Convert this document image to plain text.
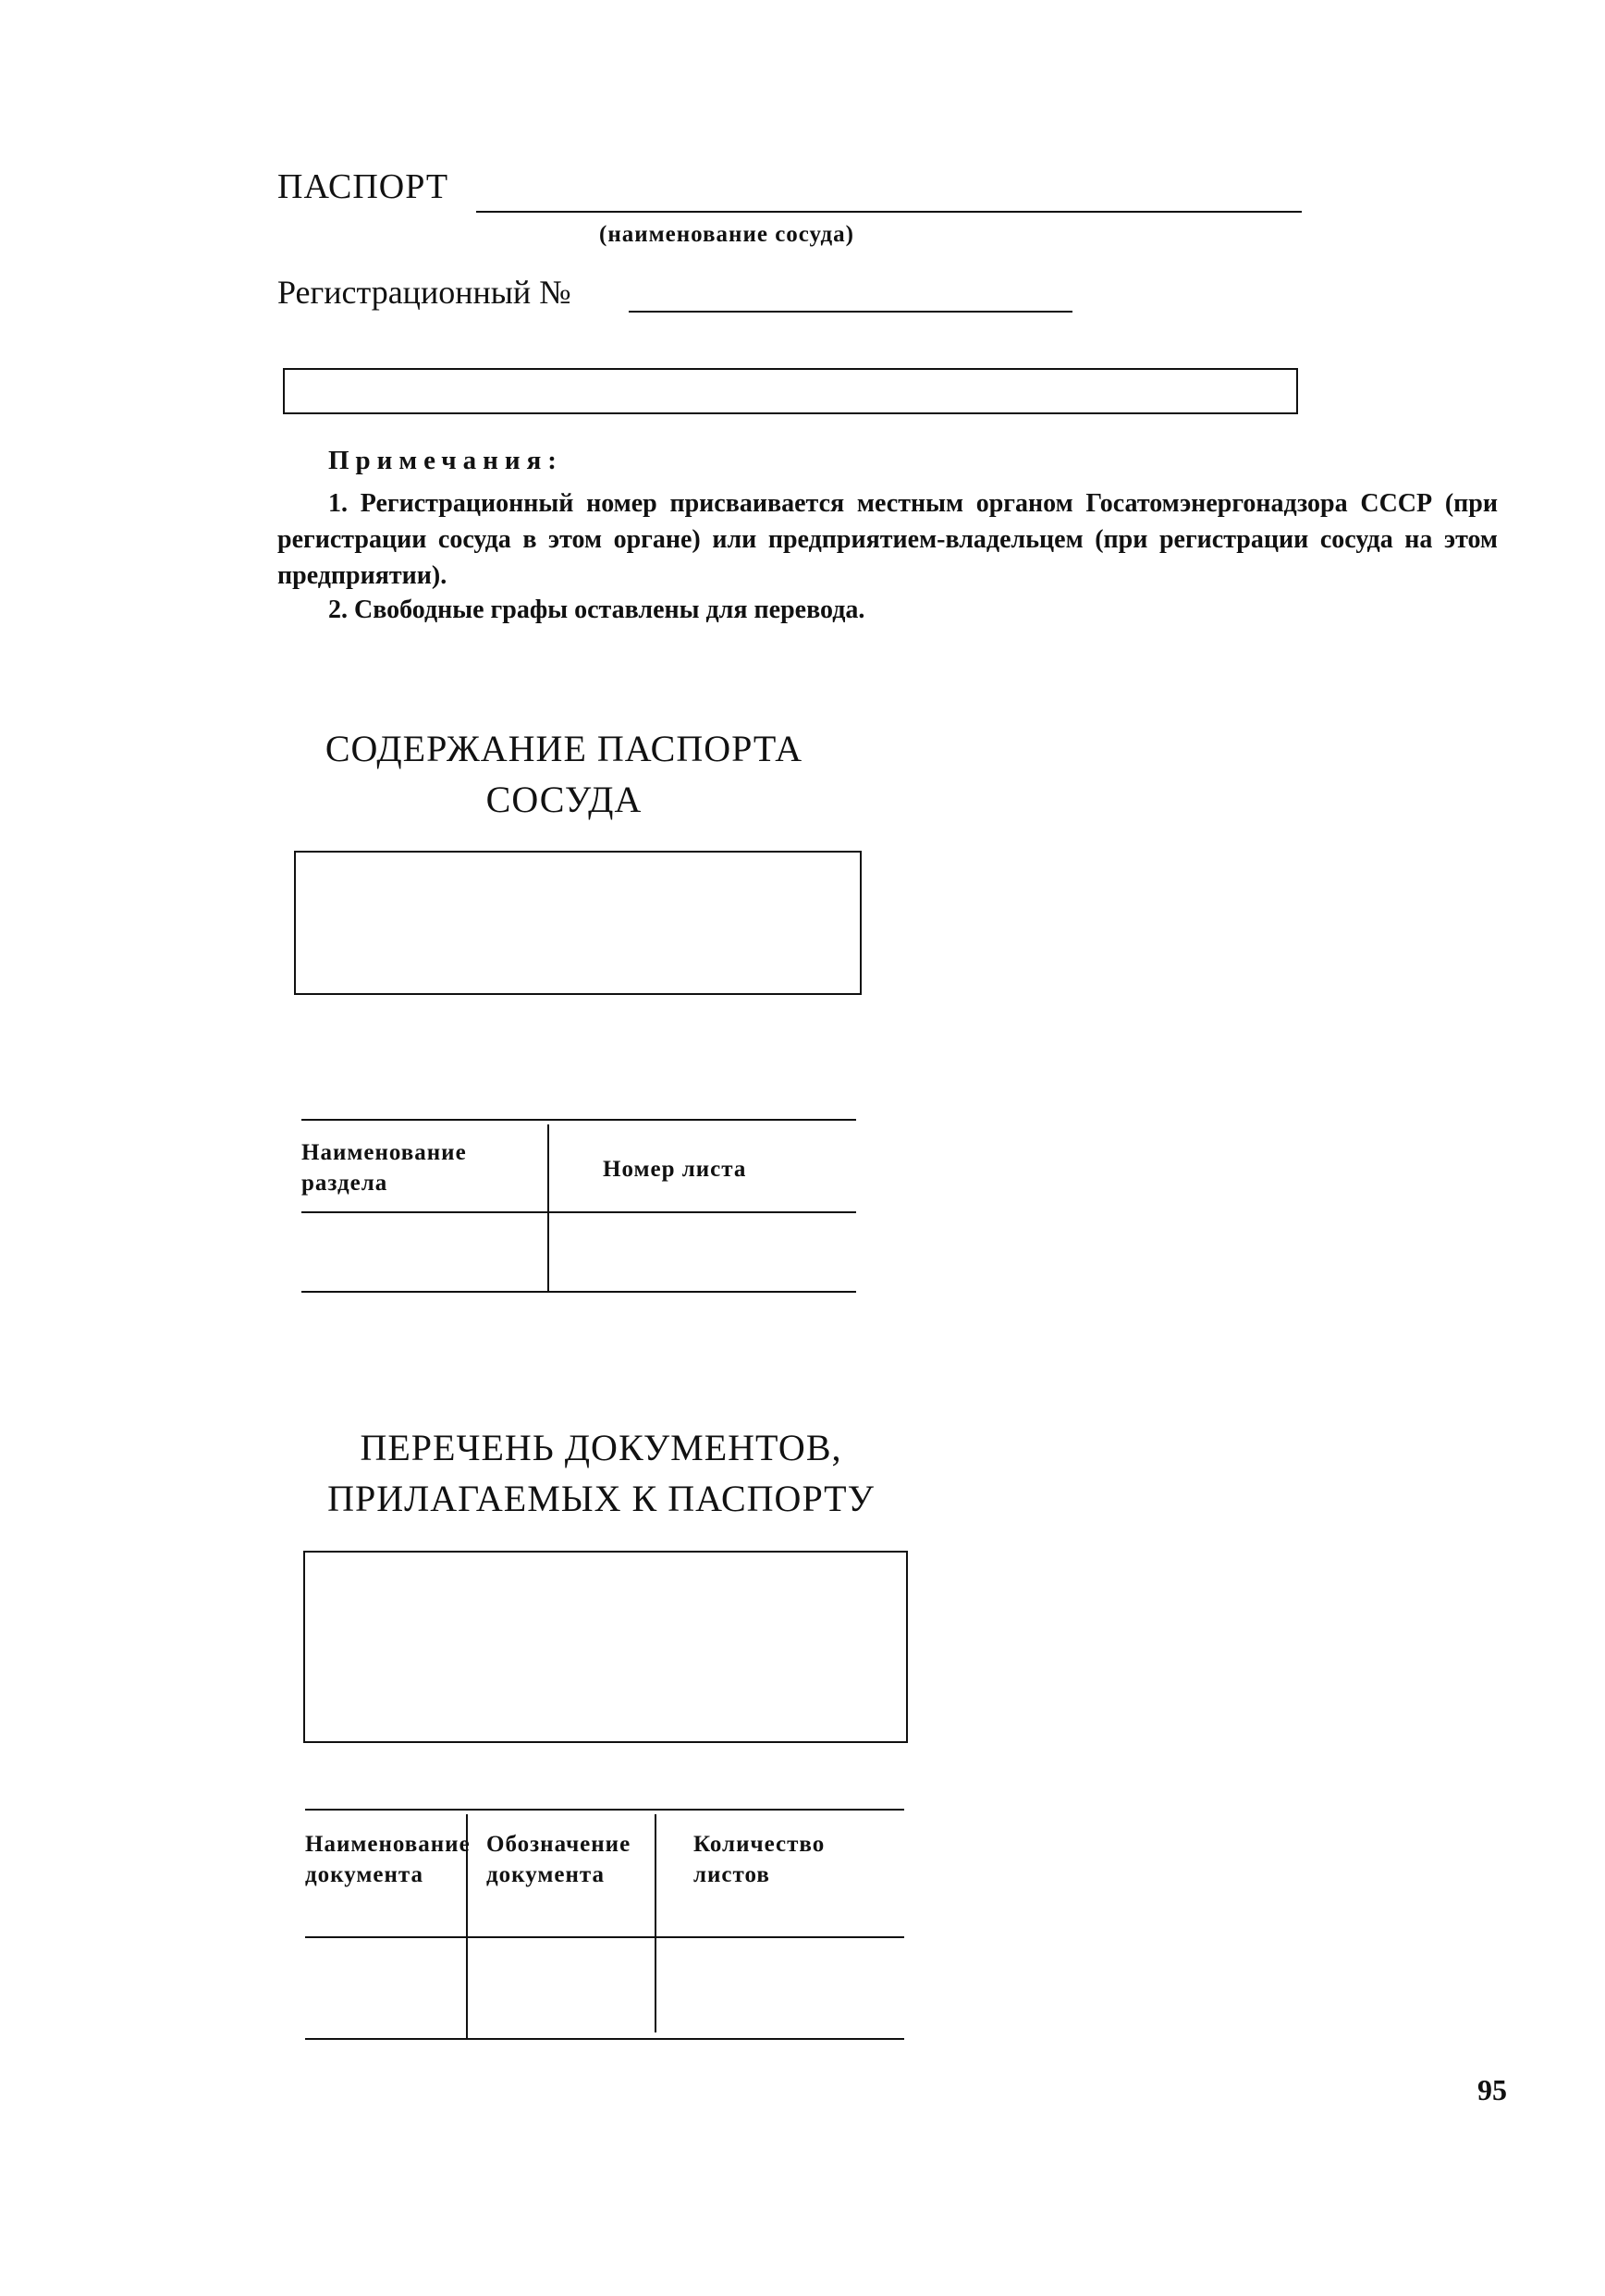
ПАСПОРТ
(наименование сосуда)
Регистрационный №
Примечания:
1. Регистрационный номер присваивается местным органом Госатомэнергонадзора СССР (при регистрации сосуда в этом органе) или предприятием-владельцем (при регистрации сосуда на этом предприятии).
2. Свободные графы оставлены для перевода.
СОДЕРЖАНИЕ ПАСПОРТА
СОСУДА
Наименование раздела
Номер листа
ПЕРЕЧЕНЬ ДОКУМЕНТОВ,
ПРИЛАГАЕМЫХ К ПАСПОРТУ
Наименование документа
Обозначение документа
Количество листов
95
